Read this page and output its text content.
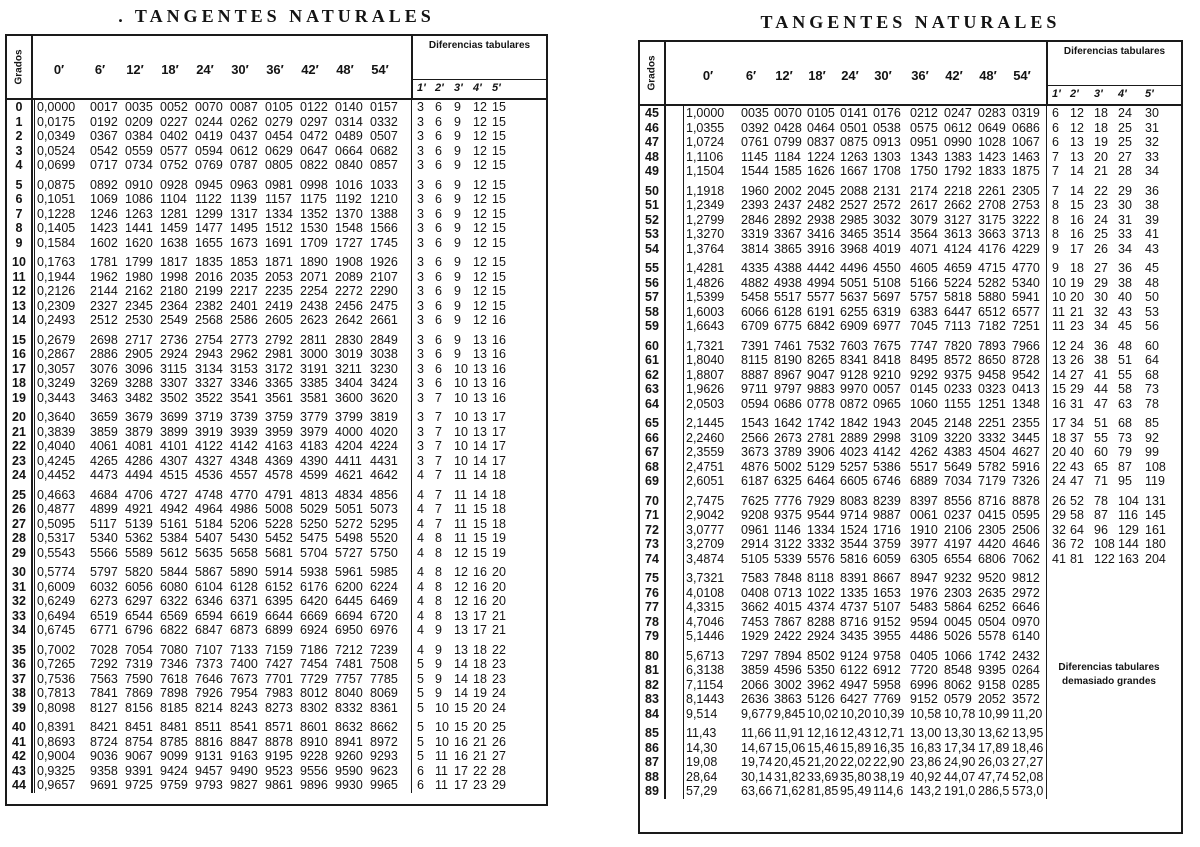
. TANGENTES NATURALES
Grados	0′	6′	12′	18′	24′	30′	36′	42′	48′	54′
Diferencias tabulares
1′ 2′ 3′ 4′ 5′
0	0,0000 0017 0035 0052 0070 0087 0105 0122 0140 0157 3 6 9 12 15
1	0,0175 0192 0209 0227 0244 0262 0279 0297 0314 0332 3 6 9 12 15
2	0,0349 0367 0384 0402 0419 0437 0454 0472 0489 0507 3 6 9 12 15
3	0,0524 0542 0559 0577 0594 0612 0629 0647 0664 0682 3 6 9 12 15
4	0,0699 0717 0734 0752 0769 0787 0805 0822 0840 0857 3 6 9 12 15
5	0,0875 0892 0910 0928 0945 0963 0981 0998 1016 1033 3 6 9 12 15
6	0,1051 1069 1086 1104 1122 1139 1157 1175 1192 1210 3 6 9 12 15
7	0,1228 1246 1263 1281 1299 1317 1334 1352 1370 1388 3 6 9 12 15
8	0,1405 1423 1441 1459 1477 1495 1512 1530 1548 1566 3 6 9 12 15
9	0,1584 1602 1620 1638 1655 1673 1691 1709 1727 1745 3 6 9 12 15
10 0,1763 1781 1799 1817 1835 1853 1871 1890 1908 1926 3 6 9 12 15
11 0,1944 1962 1980 1998 2016 2035 2053 2071 2089 2107 3 6 9 12 15
12 0,2126 2144 2162 2180 2199 2217 2235 2254 2272 2290 3 6 9 12 15
13 0,2309 2327 2345 2364 2382 2401 2419 2438 2456 2475 3 6 9 12 15
14 0,2493 2512 2530 2549 2568 2586 2605 2623 2642 2661 3 6 9 12 16
15 0,2679 2698 2717 2736 2754 2773 2792 2811 2830 2849 3 6 9 13 16
16 0,2867 2886 2905 2924 2943 2962 2981 3000 3019 3038 3 6 9 13 16
17 0,3057 3076 3096 3115 3134 3153 3172 3191 3211 3230 3 6 10 13 16
18 0,3249 3269 3288 3307 3327 3346 3365 3385 3404 3424 3 6 10 13 16
19 0,3443 3463 3482 3502 3522 3541 3561 3581 3600 3620 3 7 10 13 16
20 0,3640 3659 3679 3699 3719 3739 3759 3779 3799 3819 3 7 10 13 17
21 0,3839 3859 3879 3899 3919 3939 3959 3979 4000 4020 3 7 10 13 17
22 0,4040 4061 4081 4101 4122 4142 4163 4183 4204 4224 3 7 10 14 17
23 0,4245 4265 4286 4307 4327 4348 4369 4390 4411 4431 3 7 10 14 17
24 0,4452 4473 4494 4515 4536 4557 4578 4599 4621 4642 4 7 11 14 18
25 0,4663 4684 4706 4727 4748 4770 4791 4813 4834 4856 4 7 11 14 18
26 0,4877 4899 4921 4942 4964 4986 5008 5029 5051 5073 4 7 11 15 18
27 0,5095 5117 5139 5161 5184 5206 5228 5250 5272 5295 4 7 11 15 18
28 0,5317 5340 5362 5384 5407 5430 5452 5475 5498 5520 4 8 11 15 19
29 0,5543 5566 5589 5612 5635 5658 5681 5704 5727 5750 4 8 12 15 19
30 0,5774 5797 5820 5844 5867 5890 5914 5938 5961 5985 4 8 12 16 20
31 0,6009 6032 6056 6080 6104 6128 6152 6176 6200 6224 4 8 12 16 20
32 0,6249 6273 6297 6322 6346 6371 6395 6420 6445 6469 4 8 12 16 20
33 0,6494 6519 6544 6569 6594 6619 6644 6669 6694 6720 4 8 13 17 21
34 0,6745 6771 6796 6822 6847 6873 6899 6924 6950 6976 4 9 13 17 21
35 0,7002 7028 7054 7080 7107 7133 7159 7186 7212 7239 4 9 13 18 22
36 0,7265 7292 7319 7346 7373 7400 7427 7454 7481 7508 5 9 14 18 23
37 0,7536 7563 7590 7618 7646 7673 7701 7729 7757 7785 5 9 14 18 23
38 0,7813 7841 7869 7898 7926 7954 7983 8012 8040 8069 5 9 14 19 24
39 0,8098 8127 8156 8185 8214 8243 8273 8302 8332 8361 5 10 15 20 24
40 0,8391 8421 8451 8481 8511 8541 8571 8601 8632 8662 5 10 15 20 25
41 0,8693 8724 8754 8785 8816 8847 8878 8910 8941 8972 5 10 16 21 26
42 0,9004 9036 9067 9099 9131 9163 9195 9228 9260 9293 5 11 16 21 27
43 0,9325 9358 9391 9424 9457 9490 9523 9556 9590 9623 6 11 17 22 28
44 0,9657 9691 9725 9759 9793 9827 9861 9896 9930 9965 6 11 17 23 29
TANGENTES NATURALES
Grados	0′	6′	12′	18′	24′	30′	36′	42′	48′	54′
Diferencias tabulares
1′ 2′ 3′ 4′ 5′
45	1,0000 0035 0070 0105 0141 0176 0212 0247 0283 0319 6 12 18 24 30
46	1,0355 0392 0428 0464 0501 0538 0575 0612 0649 0686 6 12 18 25 31
47	1,0724 0761 0799 0837 0875 0913 0951 0990 1028 1067 6 13 19 25 32
48	1,1106 1145 1184 1224 1263 1303 1343 1383 1423 1463 7 13 20 27 33
49	1,1504 1544 1585 1626 1667 1708 1750 1792 1833 1875 7 14 21 28 34
50	1,1918 1960 2002 2045 2088 2131 2174 2218 2261 2305 7 14 22 29 36
51	1,2349 2393 2437 2482 2527 2572 2617 2662 2708 2753 8 15 23 30 38
52	1,2799 2846 2892 2938 2985 3032 3079 3127 3175 3222 8 16 24 31 39
53	1,3270 3319 3367 3416 3465 3514 3564 3613 3663 3713 8 16 25 33 41
54	1,3764 3814 3865 3916 3968 4019 4071 4124 4176 4229 9 17 26 34 43
55	1,4281 4335 4388 4442 4496 4550 4605 4659 4715 4770 9 18 27 36 45
56	1,4826 4882 4938 4994 5051 5108 5166 5224 5282 5340 10 19 29 38 48
57	1,5399 5458 5517 5577 5637 5697 5757 5818 5880 5941 10 20 30 40 50
58	1,6003 6066 6128 6191 6255 6319 6383 6447 6512 6577 11 21 32 43 53
59	1,6643 6709 6775 6842 6909 6977 7045 7113 7182 7251 11 23 34 45 56
60	1,7321 7391 7461 7532 7603 7675 7747 7820 7893 7966 12 24 36 48 60
61	1,8040 8115 8190 8265 8341 8418 8495 8572 8650 8728 13 26 38 51 64
62	1,8807 8887 8967 9047 9128 9210 9292 9375 9458 9542 14 27 41 55 68
63	1,9626 9711 9797 9883 9970 0057 0145 0233 0323 0413 15 29 44 58 73
64	2,0503 0594 0686 0778 0872 0965 1060 1155 1251 1348 16 31 47 63 78
65	2,1445 1543 1642 1742 1842 1943 2045 2148 2251 2355 17 34 51 68 85
66	2,2460 2566 2673 2781 2889 2998 3109 3220 3332 3445 18 37 55 73 92
67	2,3559 3673 3789 3906 4023 4142 4262 4383 4504 4627 20 40 60 79 99
68	2,4751 4876 5002 5129 5257 5386 5517 5649 5782 5916 22 43 65 87 108
69	2,6051 6187 6325 6464 6605 6746 6889 7034 7179 7326 24 47 71 95 119
70	2,7475 7625 7776 7929 8083 8239 8397 8556 8716 8878 26 52 78 104 131
71	2,9042 9208 9375 9544 9714 9887 0061 0237 0415 0595 29 58 87 116 145
72	3,0777 0961 1146 1334 1524 1716 1910 2106 2305 2506 32 64 96 129 161
73	3,2709 2914 3122 3332 3544 3759 3977 4197 4420 4646 36 72 108 144 180
74	3,4874 5105 5339 5576 5816 6059 6305 6554 6806 7062 41 81 122 163 204
75	3,7321 7583 7848 8118 8391 8667 8947 9232 9520 9812
76	4,0108 0408 0713 1022 1335 1653 1976 2303 2635 2972
77	4,3315 3662 4015 4374 4737 5107 5483 5864 6252 6646
78	4,7046 7453 7867 8288 8716 9152 9594 0045 0504 0970
79	5,1446 1929 2422 2924 3435 3955 4486 5026 5578 6140
80	5,6713 7297 7894 8502 9124 9758 0405 1066 1742 2432
81	6,3138 3859 4596 5350 6122 6912 7720 8548 9395 0264
82	7,1154 2066 3002 3962 4947 5958 6996 8062 9158 0285
83	8,1443 2636 3863 5126 6427 7769 9152 0579 2052 3572
84	9,514 9,677 9,845 10,02 10,20 10,39 10,58 10,78 10,99 11,20
85	11,43 11,66 11,91 12,16 12,43 12,71 13,00 13,30 13,62 13,95
86	14,30 14,67 15,06 15,46 15,89 16,35 16,83 17,34 17,89 18,46
87	19,08 19,74 20,45 21,20 22,02 22,90 23,86 24,90 26,03 27,27
88	28,64 30,14 31,82 33,69 35,80 38,19 40,92 44,07 47,74 52,08
89	57,29 63,66 71,62 81,85 95,49 114,6 143,2 191,0 286,5 573,0
Diferencias tabulares demasiado grandes
